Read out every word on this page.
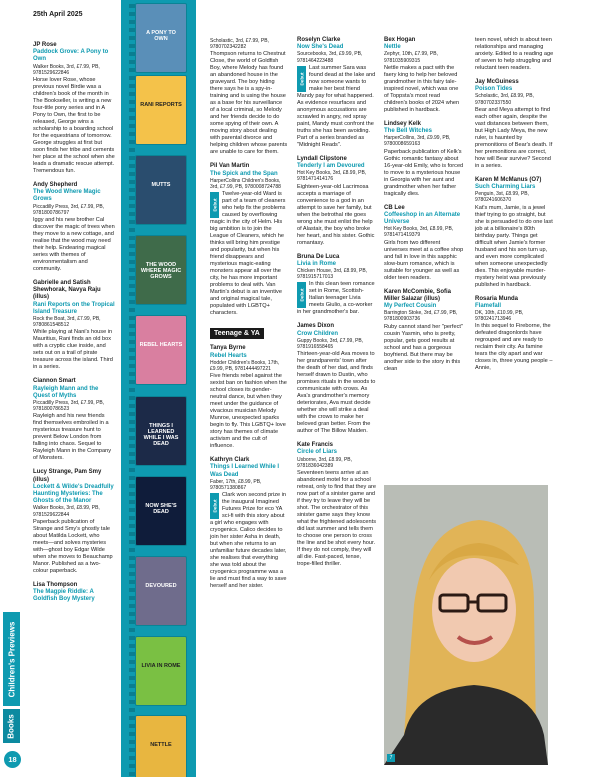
25th April 2025
A PONY TO OWN
RANI REPORTS
MUTTS
THE WOOD WHERE MAGIC GROWS
REBEL HEARTS
THINGS I LEARNED WHILE I WAS DEAD
NOW SHE'S DEAD
DEVOURED
LIVIA IN ROME
NETTLE
JP Rose
Paddock Grove: A Pony to Own
Walker Books, 3rd, £7.99, PB, 9781529622846
Horse lover Rose, whose previous novel Birdie was a children's book of the month in The Bookseller, is writing a new four-title pony series and in A Pony to Own, the first to be released, George wins a scholarship to a boarding school for the equestrians of tomorrow. George struggles at first but soon finds her tribe and cements her place at the school when she leads a dramatic rescue attempt. Tremendous fun.
Andy Shepherd
The Wood Where Magic Grows
Piccadilly Press, 3rd, £7.99, PB, 9781800786797
Iggy and his new brother Cal discover the magic of trees when they move to a new cottage, and realise that the wood may need their help. Endearing magical series with themes of environmentalism and community.
Gabrielle and Satish Shewhorak, Navya Raju (illus)
Rani Reports on the Tropical Island Treasure
Rock the Boat, 3rd, £7.99, PB, 9780861548512
While playing at Nani's house in Mauritius, Rani finds an old box with a cryptic clue inside, and sets out on a trail of pirate treasure across the island. Third in a series.
Ciannon Smart
Rayleigh Mann and the Quest of Myths
Piccadilly Press, 3rd, £7.99, PB, 9781800786523
Rayleigh and his new friends find themselves embroiled in a mysterious treasure hunt to prevent Below London from falling into chaos. Sequel to Rayleigh Mann in the Company of Monsters.
Lucy Strange, Pam Smy (illus)
Lockett & Wilde's Dreadfully Haunting Mysteries: The Ghosts of the Manor
Walker Books, 3rd, £8.99, PB, 9781529622844
Paperback publication of Strange and Smy's ghostly tale about Matilda Lockett, who meets—and solves mysteries with—ghost boy Edgar Wilde when she moves to Beauchamp Manor. Published as a two-colour paperback.
Lisa Thompson
The Magpie Riddle: A Goldfish Boy Mystery
Scholastic, 3rd, £7.99, PB, 9780702342282
Thompson returns to Chestnut Close, the world of Goldfish Boy, where Melody has found an abandoned house in the graveyard. The boy hiding there says he is a spy-in-training and is using the house as a base for his surveillance of a local criminal, so Melody and her friends decide to do some spying of their own. A moving story about dealing with parental divorce and helping children whose parents are unable to care for them.
Pil Van Martin
The Spick and the Span
HarperCollins Children's Books, 3rd, £7.99, PB, 9780008724788
Debut
Twelve-year-old Ward is part of a team of cleaners who help fix the problems caused by overflowing magic in the city of Helm. His big ambition is to join the League of Cleaners, which he thinks will bring him prestige and popularity, but when his friend disappears and mysterious magic-eating monsters appear all over the city, he has more important problems to deal with. Van Martin's debut is an inventive and original magical tale, populated with LGBTQ+ characters.
Teenage & YA
Tanya Byrne
Rebel Hearts
Hodder Children's Books, 17th, £9.99, PB, 9781444497221
Five friends rebel against the sexist ban on fashion when the school closes its gender-neutral dance, but when they meet under the guidance of vivacious musician Melody Munroe, unexpected sparks begin to fly. This LGBTQ+ love story has themes of climate activism and the cult of influence.
Kathryn Clark
Things I Learned While I Was Dead
Faber, 17th, £8.99, PB, 9780571380867
Debut
Clark won second prize in the inaugural Imagined Futures Prize for eco YA sci-fi with this story about a girl who engages with cryogenics. Calico decides to join her sister Asha in death, but when she returns to an unfamiliar future decades later, she realises that everything she was told about the cryogenics programme was a lie and must find a way to save herself and her sister.
Roselyn Clarke
Now She's Dead
Sourcebooks, 3rd, £9.99, PB, 9781464223488
Debut
Last summer Sara was found dead at the lake and now someone wants to make her best friend Mandy pay for what happened. As evidence resurfaces and anonymous accusations are scrawled in angry, red spray paint, Mandy must confront the truths she has been avoiding. Part of a series branded as "Midnight Reads".
Lyndall Clipstone
Tenderly I am Devoured
Hot Key Books, 3rd, £8.99, PB, 9781471414176
Eighteen-year-old Lacrimosa accepts a marriage of convenience to a god in an attempt to save her family, but when the betrothal rite goes wrong she must enlist the help of Alastair, the boy who broke her heart, and his sister. Gothic romantasy.
Bruna De Luca
Livia in Rome
Chicken House, 3rd, £8.99, PB, 9781915717013
Debut
In this clean teen romance set in Rome, Scottish-Italian teenager Livia meets Giulio, a co-worker in her grandmother's bar.
James Dixon
Crow Children
Guppy Books, 3rd, £7.99, PB, 9781916558465
Thirteen-year-old Ava moves to her grandparents' town after the death of her dad, and finds herself drawn to Dustin, who promises rituals in the woods to communicate with crows. As Ava's grandmother's memory deteriorates, Ava must decide whether she will strike a deal with the crows to make her beloved gran better. From the author of The Billow Maiden.
Kate Francis
Circle of Liars
Usborne, 3rd, £8.99, PB, 9781836042389
Seventeen teens arrive at an abandoned motel for a school retreat, only to find that they are now part of a sinister game and if they try to leave they will be shot. The orchestrator of this sinister game says they know what the frightened adolescents did last summer and tells them to choose one person to cross the line and be shot every hour. If they do not comply, they will all die. Fast-paced, tense, trope-filled thriller.
Bex Hogan
Nettle
Zephyr, 10th, £7.99, PB, 9781035909315
Nettle makes a pact with the faery king to help her beloved grandmother in this fairy tale-inspired novel, which was one of Toppsta's most read children's books of 2024 when published in hardback.
Lindsey Kelk
The Bell Witches
HarperCollins, 3rd, £9.99, PB, 9780008659163
Paperback publication of Kelk's Gothic romantic fantasy about 16-year-old Emily, who is forced to move to a mysterious house in Georgia with her aunt and grandmother when her father tragically dies.
CB Lee
Coffeeshop in an Alternate Universe
Hot Key Books, 3rd, £8.99, PB, 9781471419379
Girls from two different universes meet at a coffee shop and fall in love in this sapphic slow-burn romance, which is suitable for younger as well as older teen readers.
Karen McCombie, Sofia Miller Salazar (illus)
My Perfect Cousin
Barrington Stoke, 3rd, £7.99, PB, 9781800903736
Ruby cannot stand her "perfect" cousin Yasmin, who is pretty, popular, gets good results at school and has a gorgeous boyfriend. But there may be another side to the story in this clean
teen novel, which is about teen relationships and managing anxiety. Edited to a reading age of seven to help struggling and reluctant teen readers.
Jay McGuiness
Poison Tides
Scholastic, 3rd, £8.99, PB, 9780702337550
Bear and Meya attempt to find each other again, despite the vast distances between them, but High Lady Meya, the new ruler, is haunted by premonitions of Bear's death. If her premonitions are correct, how will Bear survive? Second in a series.
Karen M McManus (O7)
Such Charming Liars
Penguin, 3st, £8.99, PB, 9780241606370
Kat's mum, Jamie, is a jewel thief trying to go straight, but she is persuaded to do one last job at a billionaire's 80th birthday party. Things get difficult when Jamie's former husband and his son turn up, and even more complicated when someone unexpectedly dies. This enjoyable murder-mystery heist was previously published in hardback.
Rosaria Munda
Flamefall
DK, 10th, £10.99, PB, 9780241713946
In this sequel to Fireborne, the defeated dragonlords have regrouped and are ready to reclaim their city. As famine tears the city apart and war closes in, three young people – Annie,
7
Children's Previews
Books
18
